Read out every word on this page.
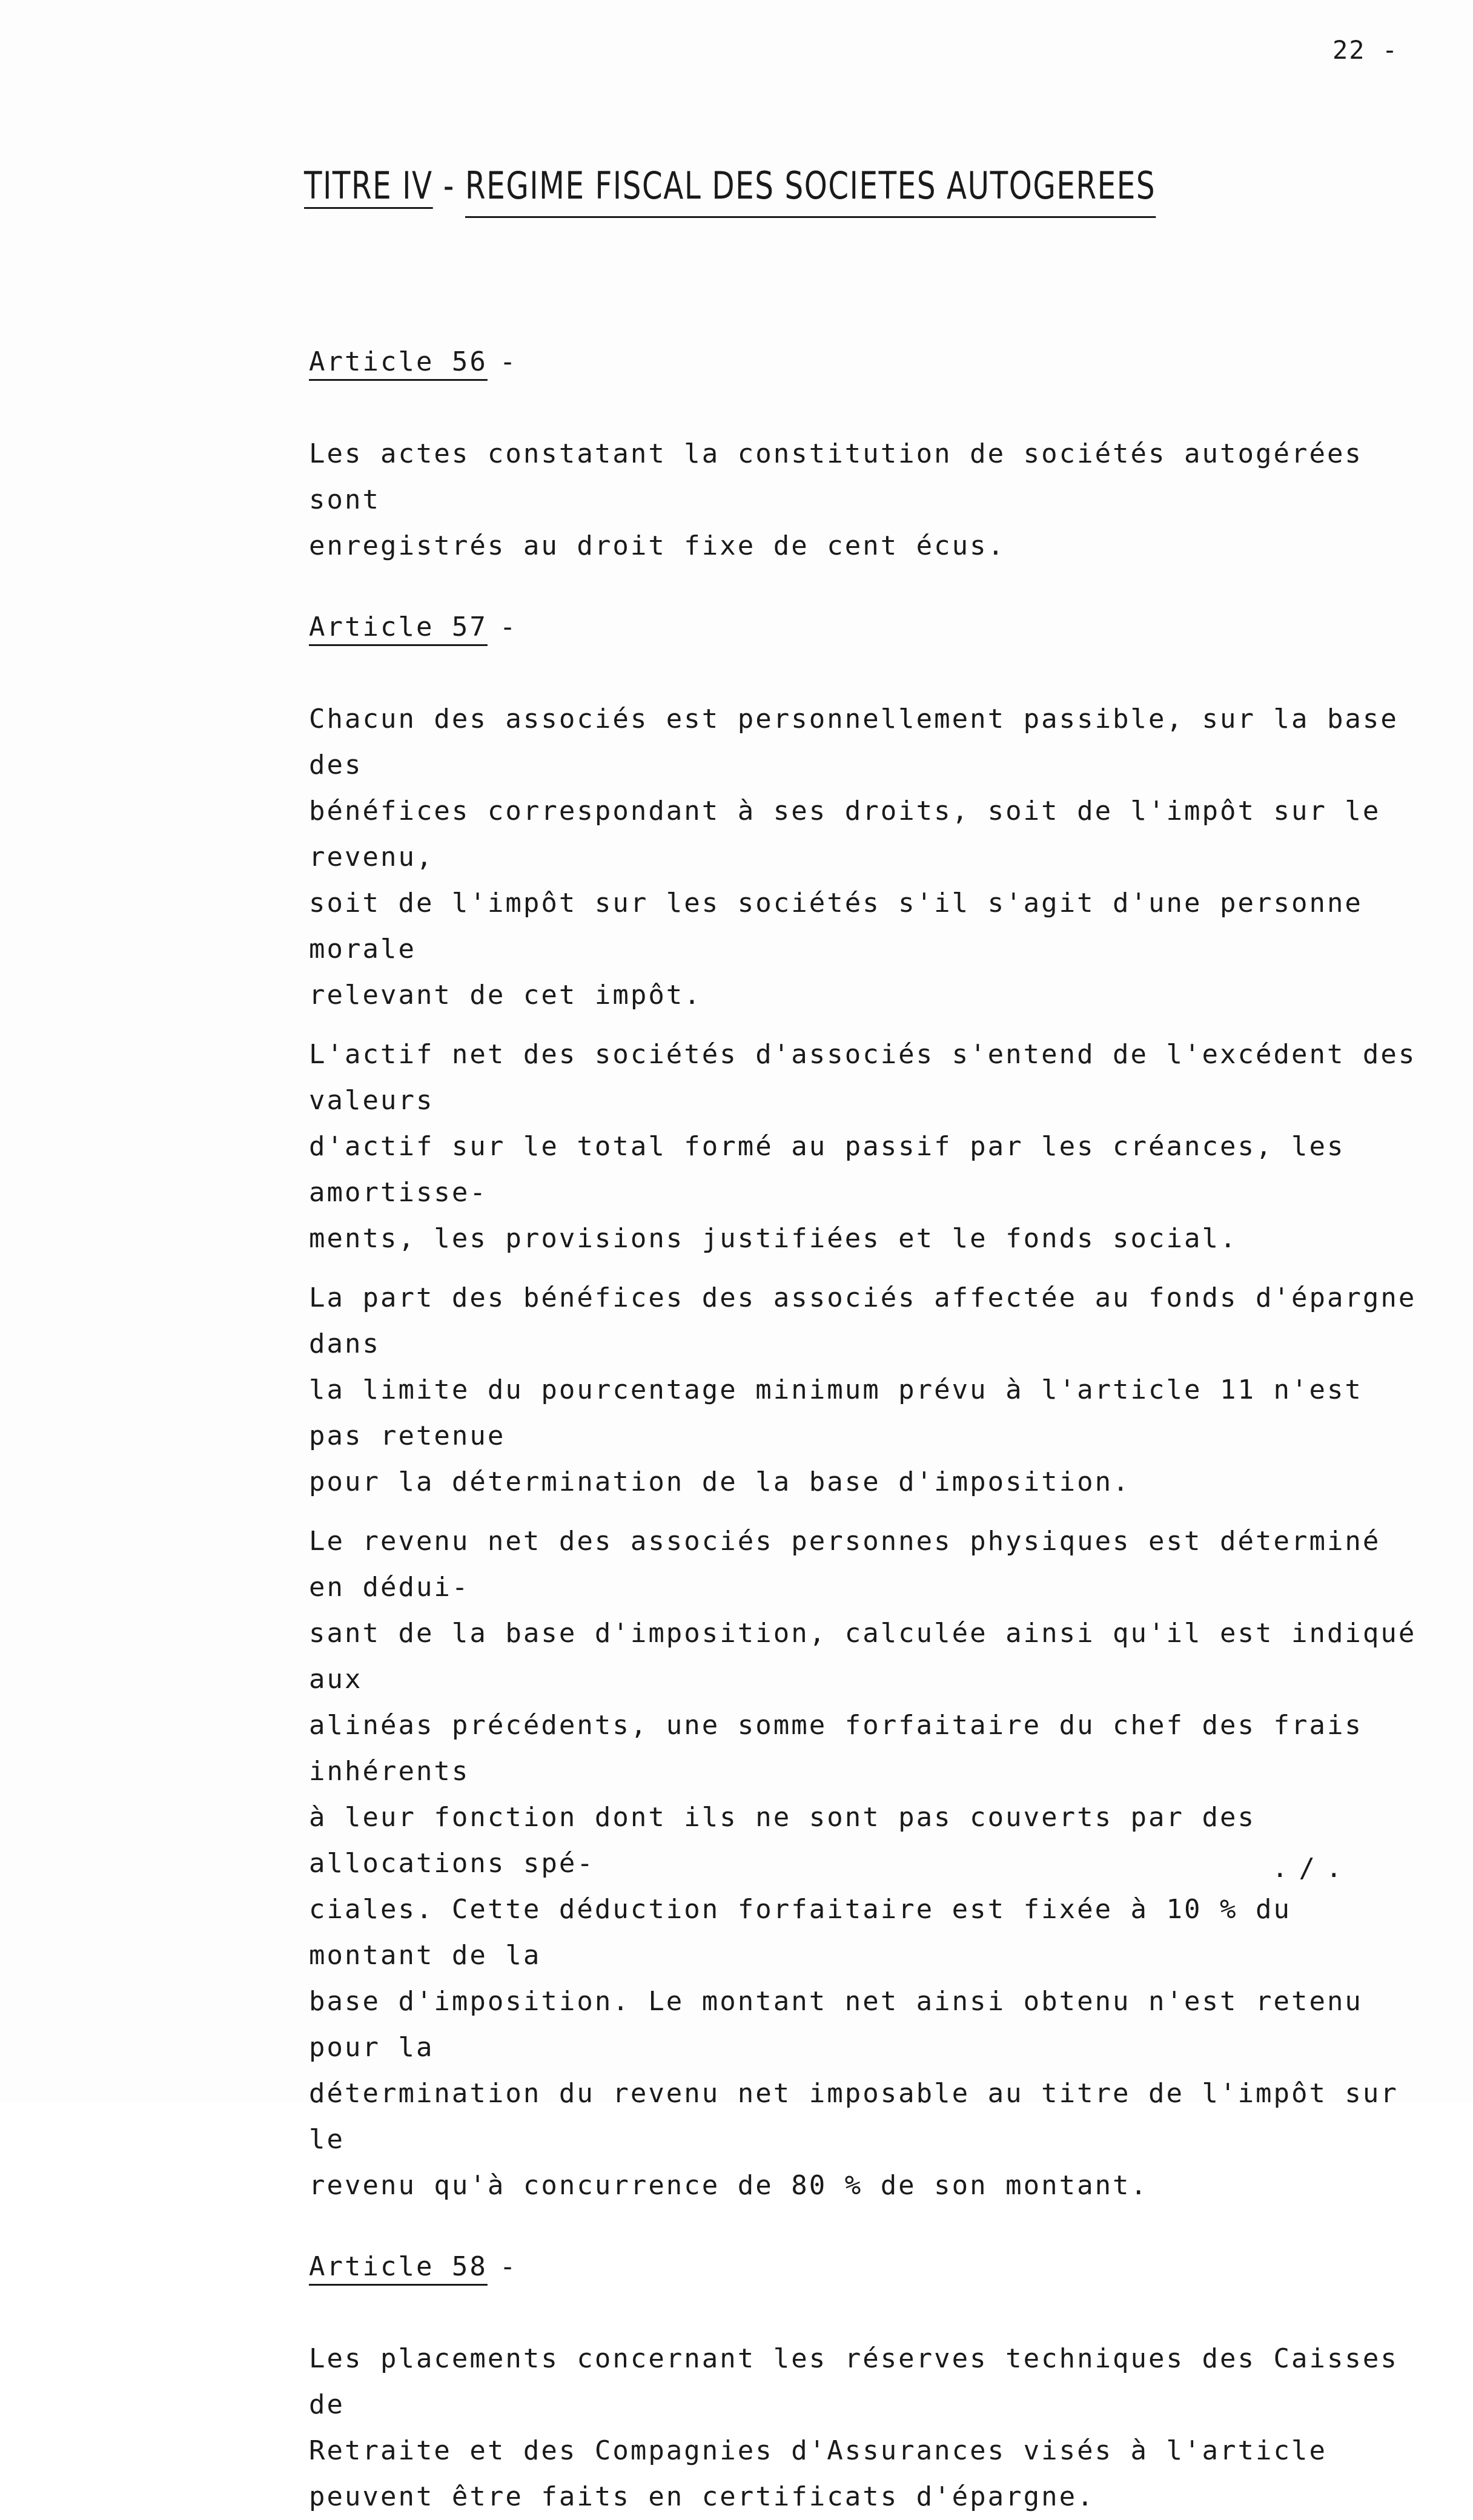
22 -
TITRE IV - REGIME FISCAL DES SOCIETES AUTOGEREES

Article 56 -

Les actes constatant la constitution de sociétés autogérées sont
enregistrés au droit fixe de cent écus.

Article 57 -

Chacun des associés est personnellement passible, sur la base des
bénéfices correspondant à ses droits, soit de l'impôt sur le revenu,
soit de l'impôt sur les sociétés s'il s'agit d'une personne morale
relevant de cet impôt.

L'actif net des sociétés d'associés s'entend de l'excédent des valeurs
d'actif sur le total formé au passif par les créances, les amortisse-
ments, les provisions justifiées et le fonds social.

La part des bénéfices des associés affectée au fonds d'épargne dans
la limite du pourcentage minimum prévu à l'article 11 n'est pas retenue
pour la détermination de la base d'imposition.

Le revenu net des associés personnes physiques est déterminé en dédui-
sant de la base d'imposition, calculée ainsi qu'il est indiqué aux
alinéas précédents, une somme forfaitaire du chef des frais inhérents
à leur fonction dont ils ne sont pas couverts par des allocations spé-
ciales. Cette déduction forfaitaire est fixée à 10 % du montant de la
base d'imposition. Le montant net ainsi obtenu n'est retenu pour la
détermination du revenu net imposable au titre de l'impôt sur le
revenu qu'à concurrence de 80 % de son montant.

Article 58 -

Les placements concernant les réserves techniques des Caisses de
Retraite et des Compagnies d'Assurances visés à l'article
peuvent être faits en certificats d'épargne.

./.
